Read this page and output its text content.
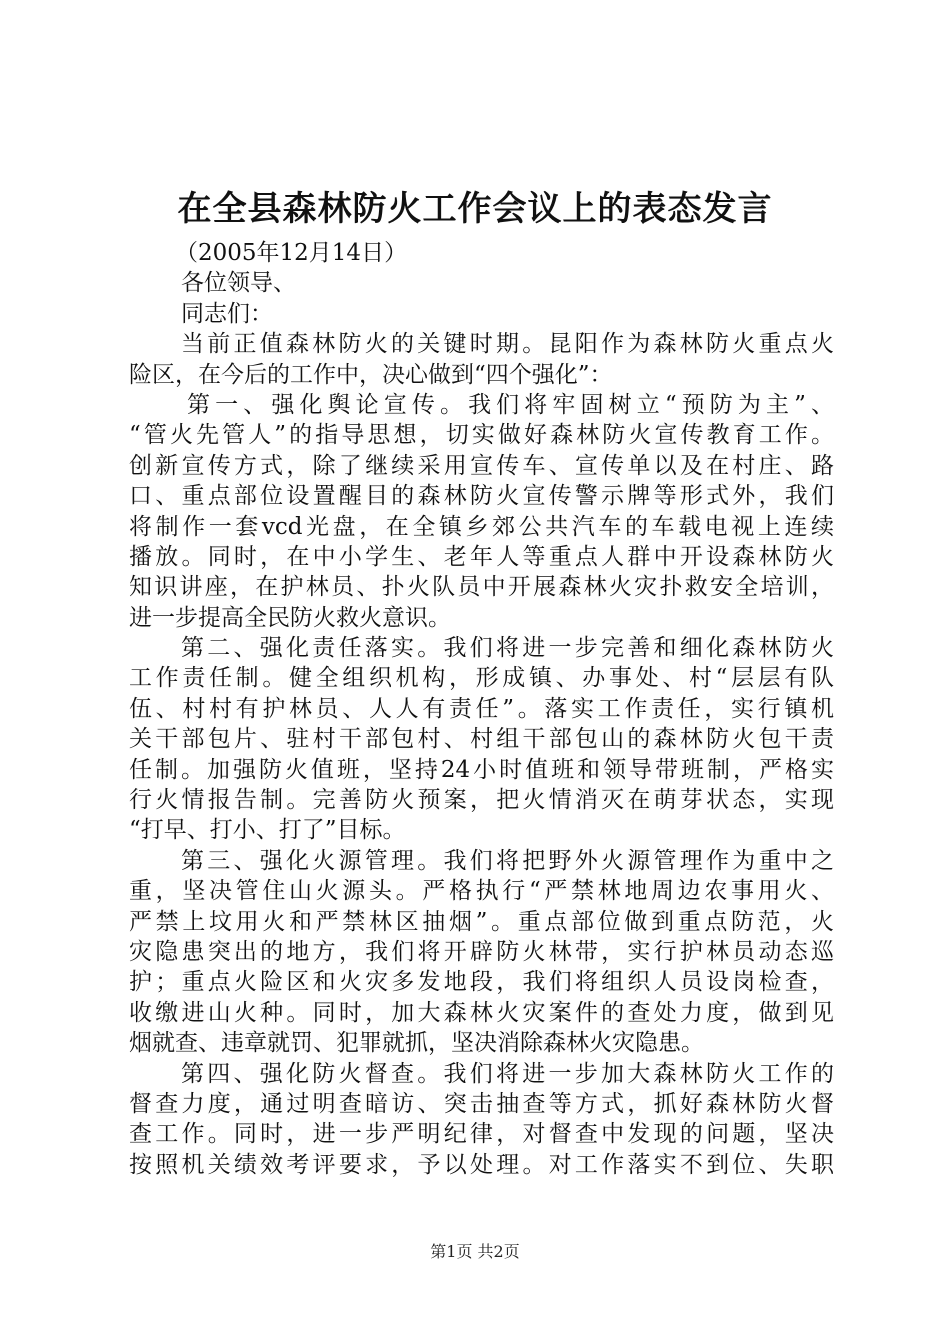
在全县森林防火工作会议上的表态发言
（2005年12月14日）
各位领导、
同志们：
当前正值森林防火的关键时期。昆阳作为森林防火重点火
险区，在今后的工作中，决心做到“四个强化”：
第一、强化舆论宣传。我们将牢固树立“预防为主”、
“管火先管人”的指导思想，切实做好森林防火宣传教育工作。
创新宣传方式，除了继续采用宣传车、宣传单以及在村庄、路
口、重点部位设置醒目的森林防火宣传警示牌等形式外，我们
将制作一套vcd光盘，在全镇乡郊公共汽车的车载电视上连续
播放。同时，在中小学生、老年人等重点人群中开设森林防火
知识讲座，在护林员、扑火队员中开展森林火灾扑救安全培训，
进一步提高全民防火救火意识。
第二、强化责任落实。我们将进一步完善和细化森林防火
工作责任制。健全组织机构，形成镇、办事处、村“层层有队
伍、村村有护林员、人人有责任”。落实工作责任，实行镇机
关干部包片、驻村干部包村、村组干部包山的森林防火包干责
任制。加强防火值班，坚持24小时值班和领导带班制，严格实
行火情报告制。完善防火预案，把火情消灭在萌芽状态，实现
“打早、打小、打了”目标。
第三、强化火源管理。我们将把野外火源管理作为重中之
重，坚决管住山火源头。严格执行“严禁林地周边农事用火、
严禁上坟用火和严禁林区抽烟”。重点部位做到重点防范，火
灾隐患突出的地方，我们将开辟防火林带，实行护林员动态巡
护；重点火险区和火灾多发地段，我们将组织人员设岗检查，
收缴进山火种。同时，加大森林火灾案件的查处力度，做到见
烟就查、违章就罚、犯罪就抓，坚决消除森林火灾隐患。
第四、强化防火督查。我们将进一步加大森林防火工作的
督查力度，通过明查暗访、突击抽查等方式，抓好森林防火督
查工作。同时，进一步严明纪律，对督查中发现的问题，坚决
按照机关绩效考评要求，予以处理。对工作落实不到位、失职
第1页 共2页
